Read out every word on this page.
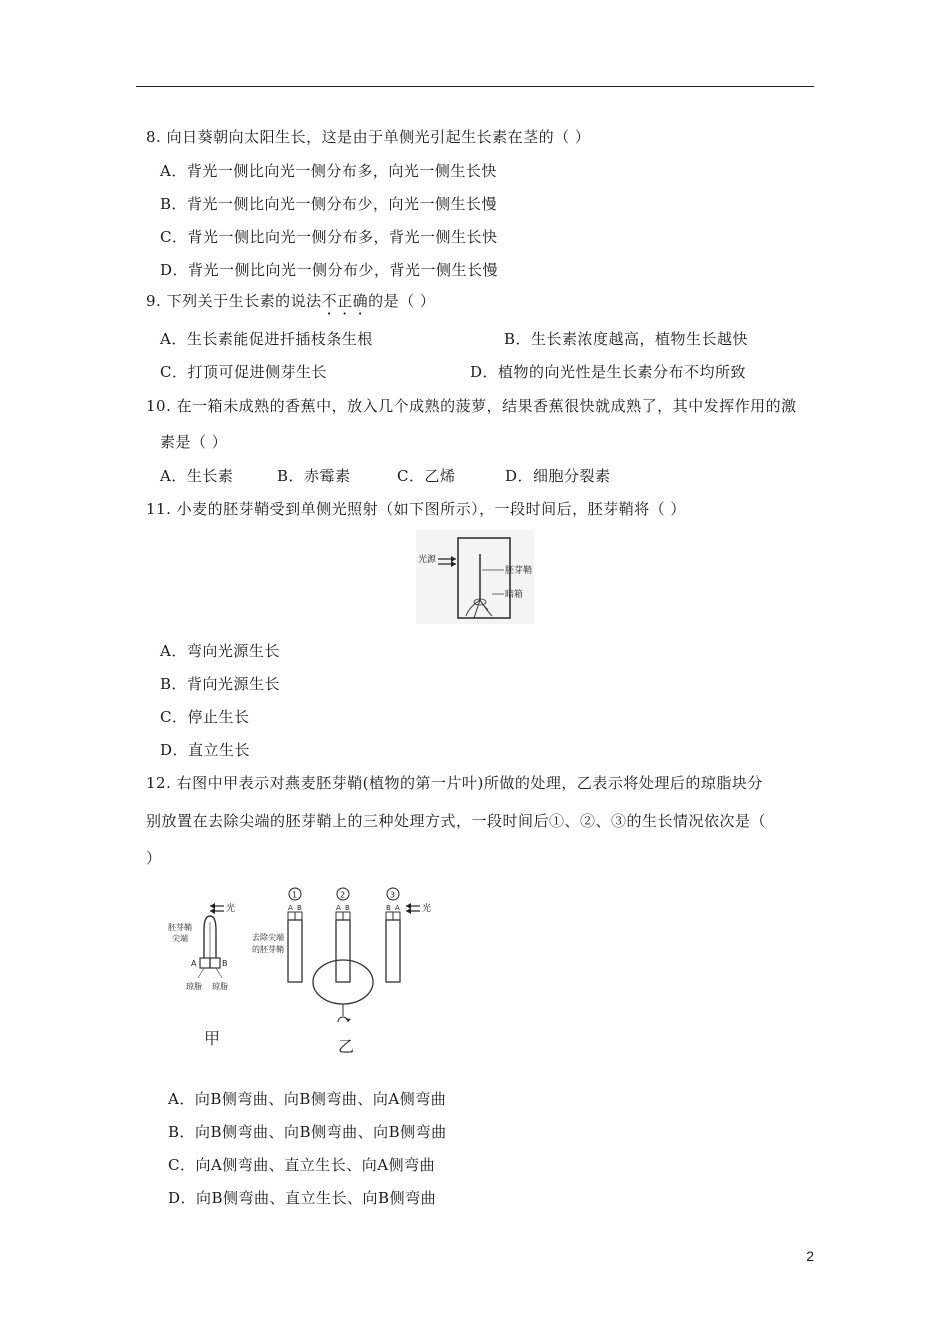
8. 向日葵朝向太阳生长，这是由于单侧光引起生长素在茎的（ ）
A．背光一侧比向光一侧分布多，向光一侧生长快
B．背光一侧比向光一侧分布少，向光一侧生长慢
C．背光一侧比向光一侧分布多，背光一侧生长快
D．背光一侧比向光一侧分布少，背光一侧生长慢
9. 下列关于生长素的说法不正确的是（ ）
A．生长素能促进扦插枝条生根	B．生长素浓度越高，植物生长越快
C．打顶可促进侧芽生长	D．植物的向光性是生长素分布不均所致
10. 在一箱未成熟的香蕉中，放入几个成熟的菠萝，结果香蕉很快就成熟了，其中发挥作用的激
素是（ ）
A．生长素	B．赤霉素	C．乙烯	D．细胞分裂素
11. 小麦的胚芽鞘受到单侧光照射（如下图所示），一段时间后，胚芽鞘将（ ）
光源
胚芽鞘
暗箱
A．弯向光源生长
B．背向光源生长
C．停止生长
D．直立生长
12. 右图中甲表示对燕麦胚芽鞘(植物的第一片叶)所做的处理，乙表示将处理后的琼脂块分
别放置在去除尖端的胚芽鞘上的三种处理方式，一段时间后①、②、③的生长情况依次是（
）
光
胚芽鞘
尖端
A	B
琼脂 琼脂
甲
1
A B
去除尖端
的胚芽鞘
2
A B
乙
3
B A 光
A．向B侧弯曲、向B侧弯曲、向A侧弯曲
B．向B侧弯曲、向B侧弯曲、向B侧弯曲
C．向A侧弯曲、直立生长、向A侧弯曲
D．向B侧弯曲、直立生长、向B侧弯曲
2
